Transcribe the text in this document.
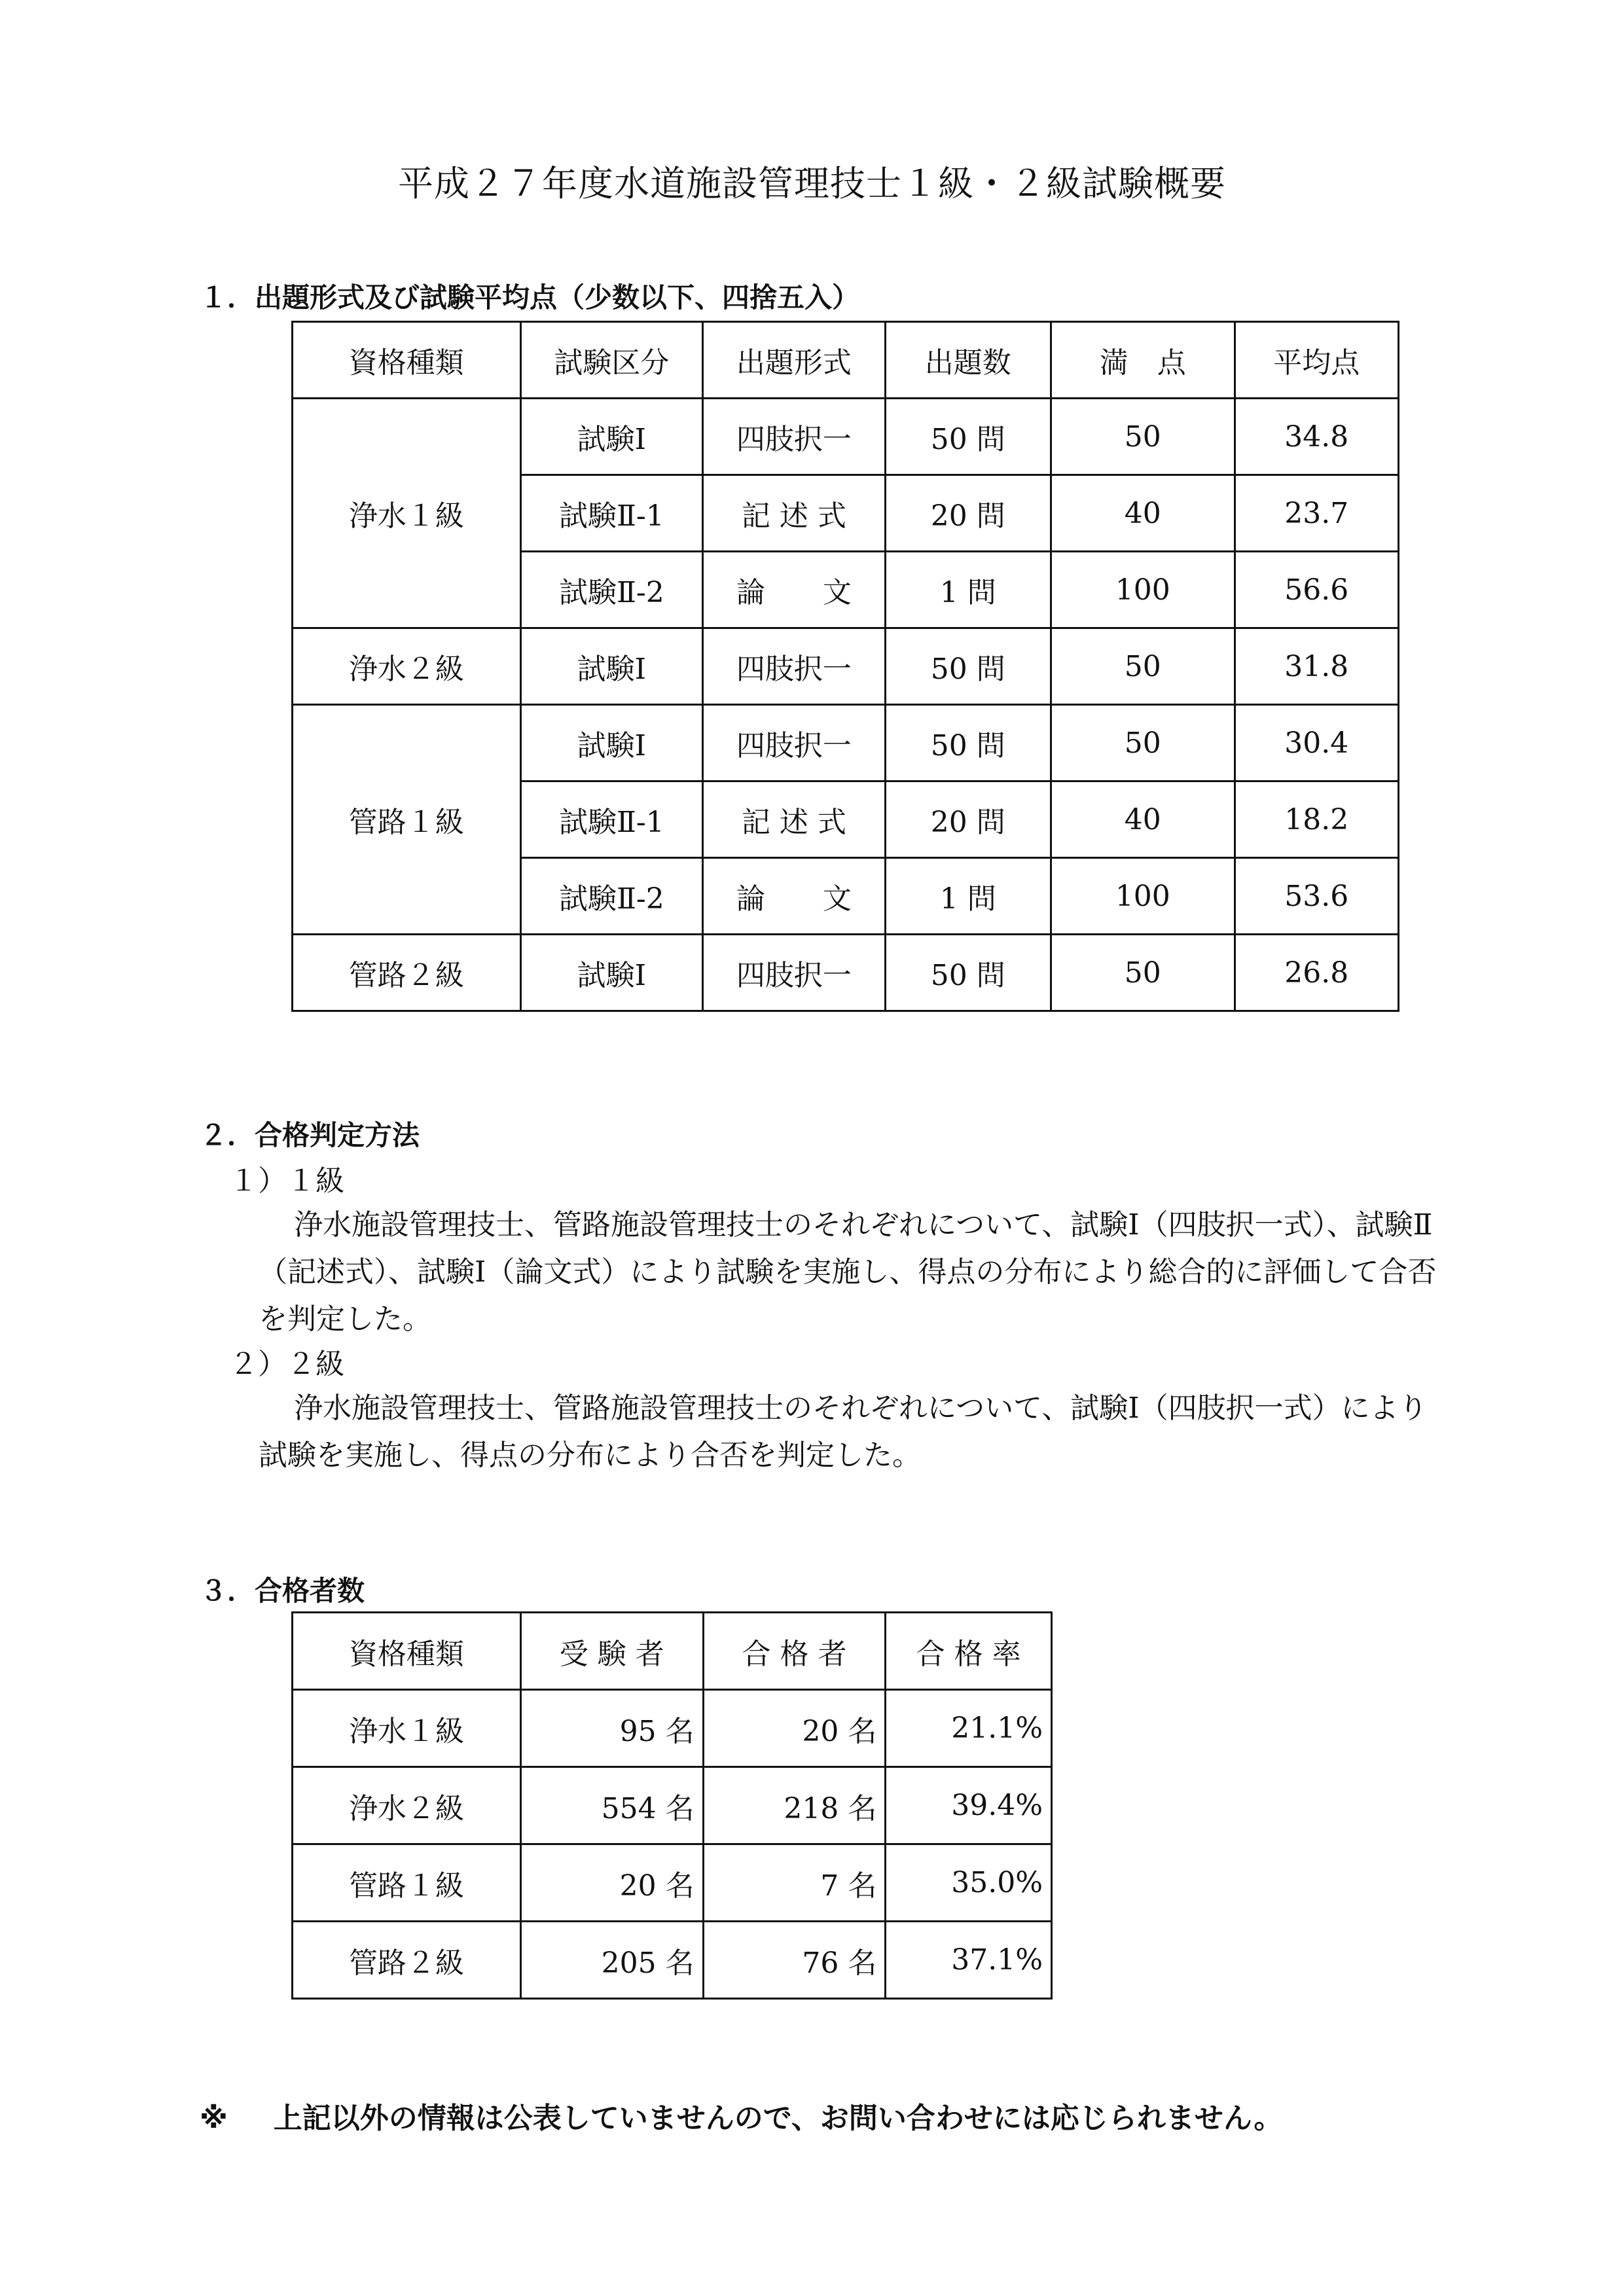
平成２７年度水道施設管理技士１級・２級試験概要
１．出題形式及び試験平均点（少数以下、四捨五入）
資格種類	試験区分	出題形式	出題数	満　点	平均点
浄水１級	試験Ⅰ	四肢択一	50 問	50	34.8
	試験Ⅱ-1	記 述 式	20 問	40	23.7
	試験Ⅱ-2	論　　文	1 問	100	56.6
浄水２級	試験Ⅰ	四肢択一	50 問	50	31.8
管路１級	試験Ⅰ	四肢択一	50 問	50	30.4
	試験Ⅱ-1	記 述 式	20 問	40	18.2
	試験Ⅱ-2	論　　文	1 問	100	53.6
管路２級	試験Ⅰ	四肢択一	50 問	50	26.8
２．合格判定方法
１）１級
浄水施設管理技士、管路施設管理技士のそれぞれについて、試験Ⅰ（四肢択一式）、試験Ⅱ（記述式）、試験Ⅰ（論文式）により試験を実施し、得点の分布により総合的に評価して合否を判定した。
２）２級
浄水施設管理技士、管路施設管理技士のそれぞれについて、試験Ⅰ（四肢択一式）により試験を実施し、得点の分布により合否を判定した。
３．合格者数
資格種類	受 験 者	合 格 者	合 格 率
浄水１級	95 名	20 名	21.1%
浄水２級	554 名	218 名	39.4%
管路１級	20 名	7 名	35.0%
管路２級	205 名	76 名	37.1%
※ 上記以外の情報は公表していませんので、お問い合わせには応じられません。
